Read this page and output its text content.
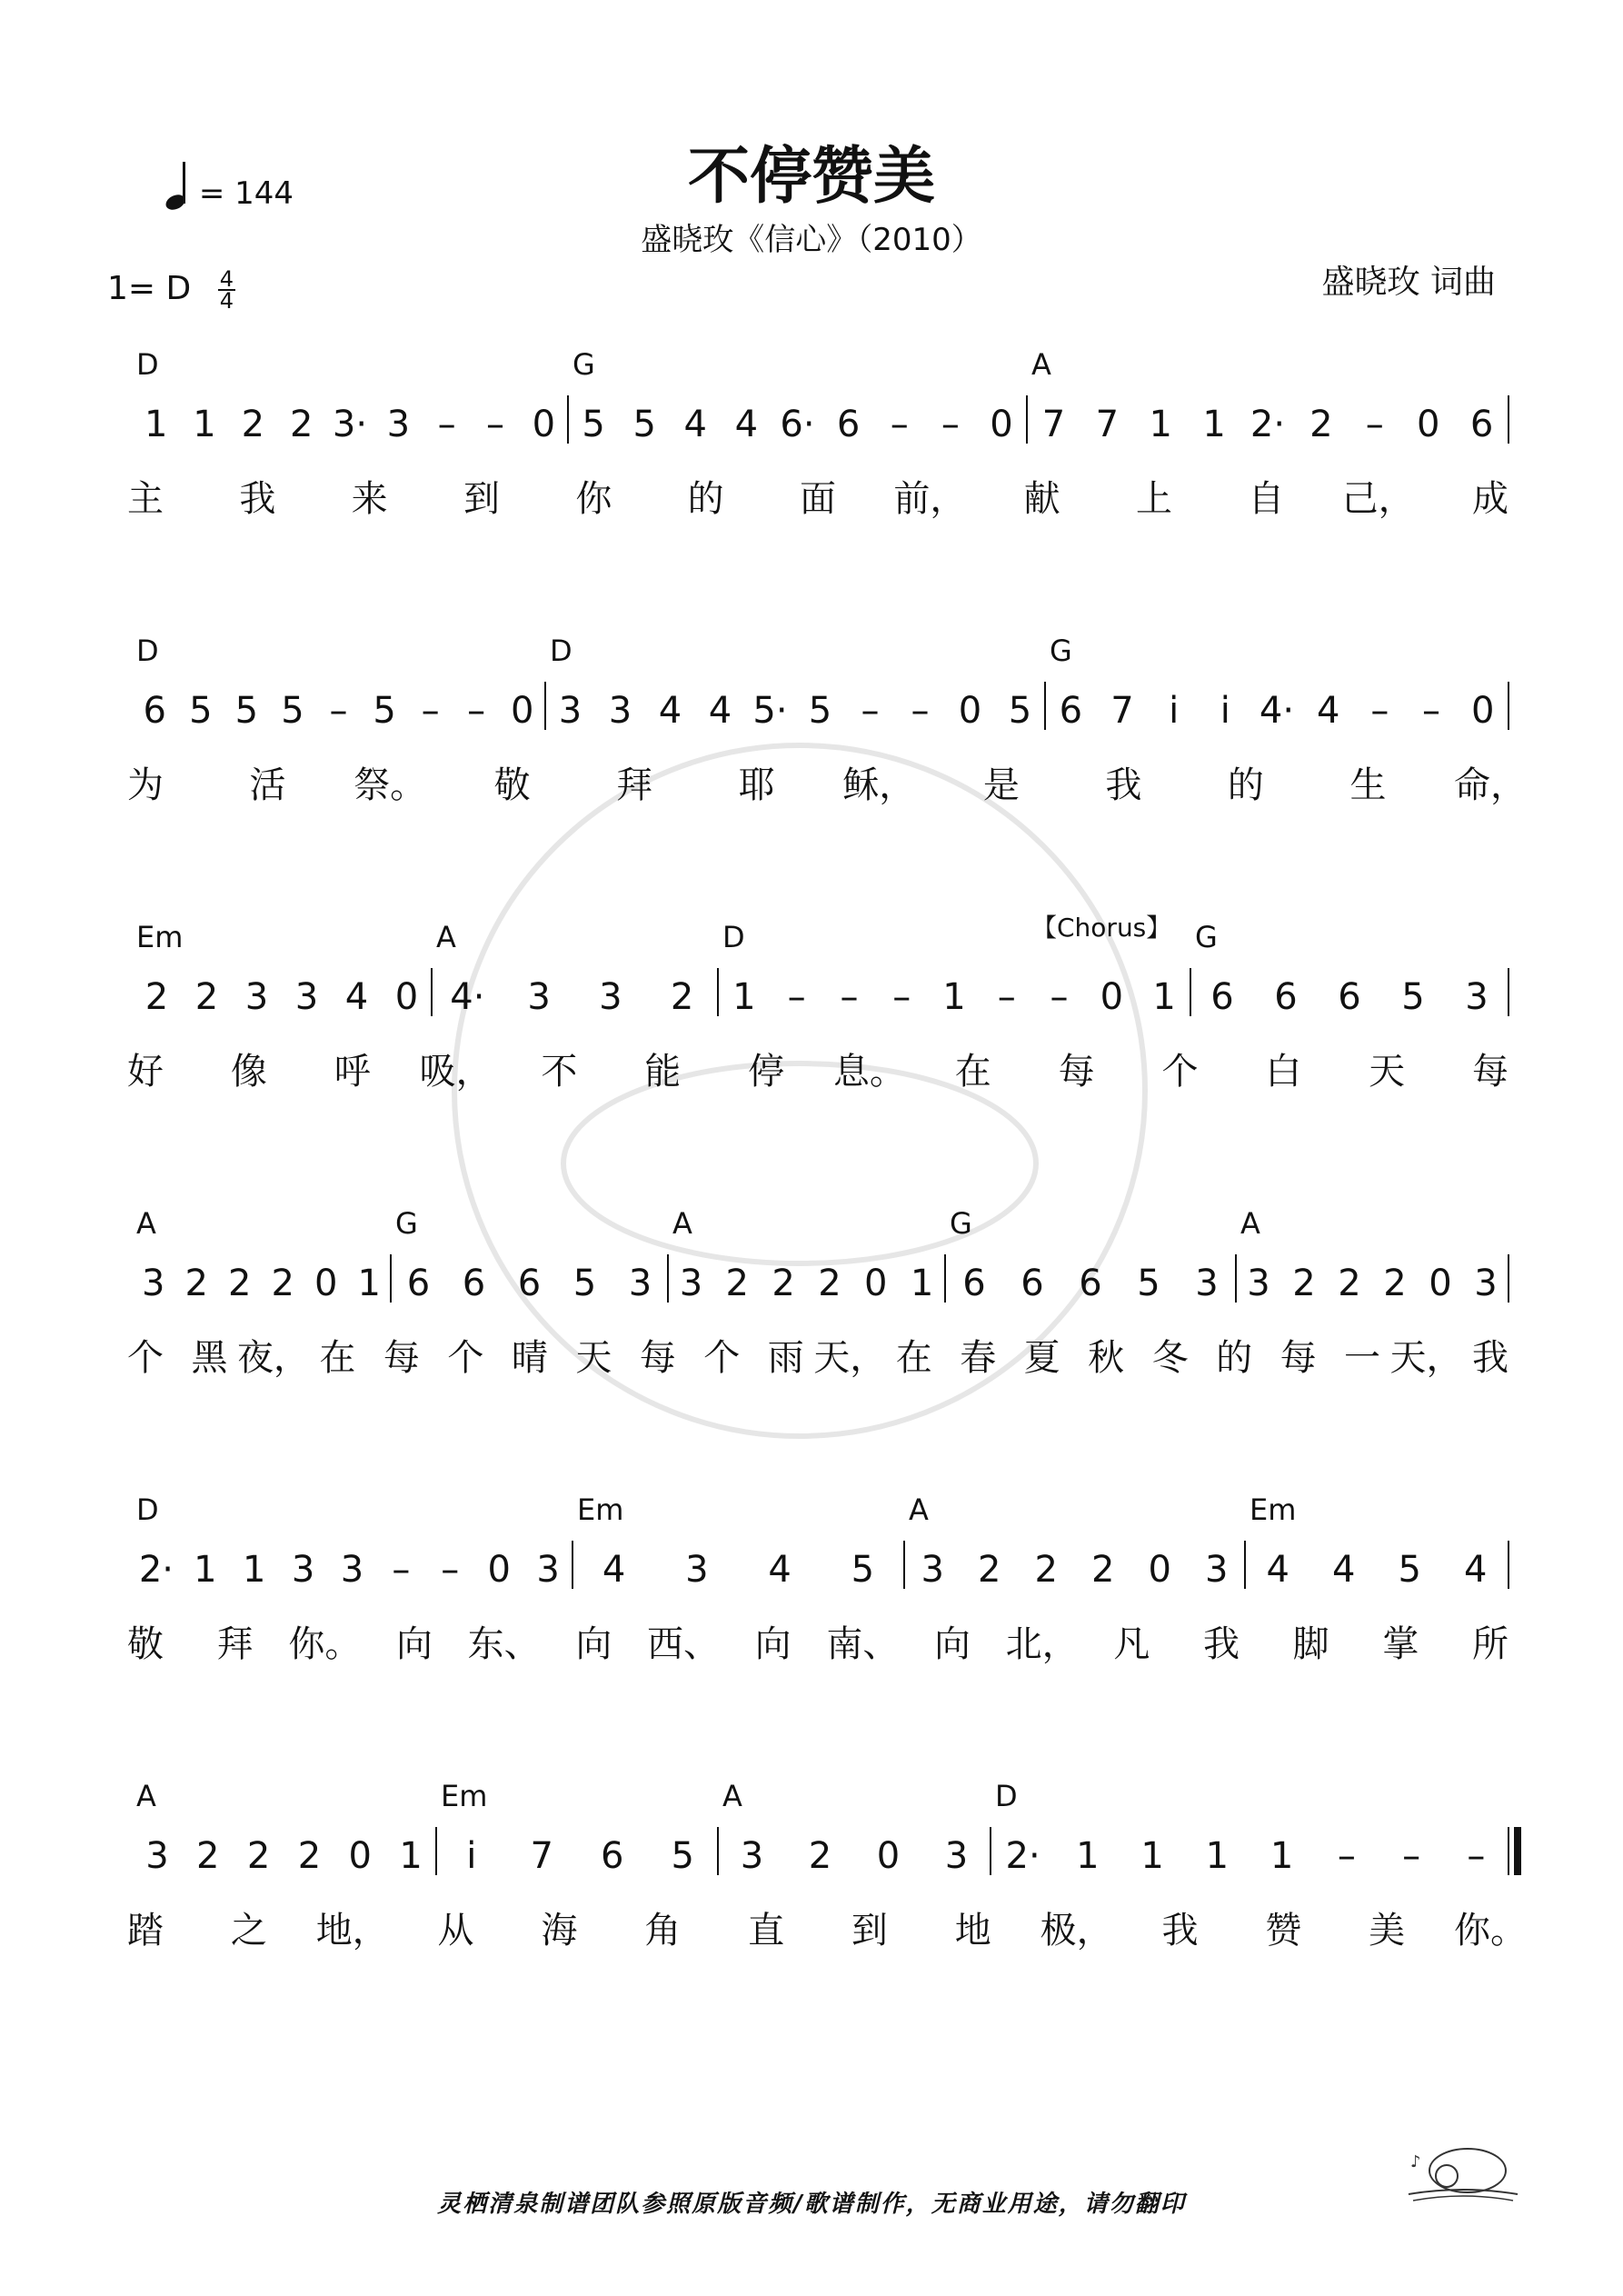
不停赞美
盛晓玫《信心》（2010）
= 144
1= D $\frac{4}{4}$	盛晓玫 词曲
D	G	A
1 1 2 2 3· 3 – – 0 5 5 4 4 6· 6 – – 0 7 7 1 1 2· 2 – 0 6
主 我 来 到 你 的 面 前， 献 上 自 己， 成
D	D	G
6 5 5 5 – 5 – – 0 3 3 4 4 5· 5 – – 0 5 6 7 i i 4· 4 – – 0
为 活 祭。 敬 拜 耶 稣， 是 我 的 生 命，
Em	A	D	G
【Chorus】
2 2 3 3 4 0 4· 3 3 2 1 – – – 1 – – 0 1 6 6 6 5 3
好 像 呼 吸， 不 能 停 息。 在 每 个 白 天 每
A	G	A	G	A
3 2 2 2 0 1 6 6 6 5 3 3 2 2 2 0 1 6 6 6 5 3 3 2 2 2 0 3
个 黑 夜， 在 每 个 晴 天 每 个 雨 天， 在 春 夏 秋 冬 的 每 一 天， 我
D	Em	A	Em
2· 1 1 3 3 – – 0 3 4 3 4 5 3 2 2 2 0 3 4 4 5 4
敬 拜 你。 向 东、 向 西、 向 南、 向 北， 凡 我 脚 掌 所
A	Em	A	D
3 2 2 2 0 1 i 7 6 5 3 2 0 3 2· 1 1 1 1 – – –
踏 之 地， 从 海 角 直 到 地 极， 我 赞 美 你。
灵栖清泉制谱团队参照原版音频/歌谱制作，无商业用途，请勿翻印
♪
